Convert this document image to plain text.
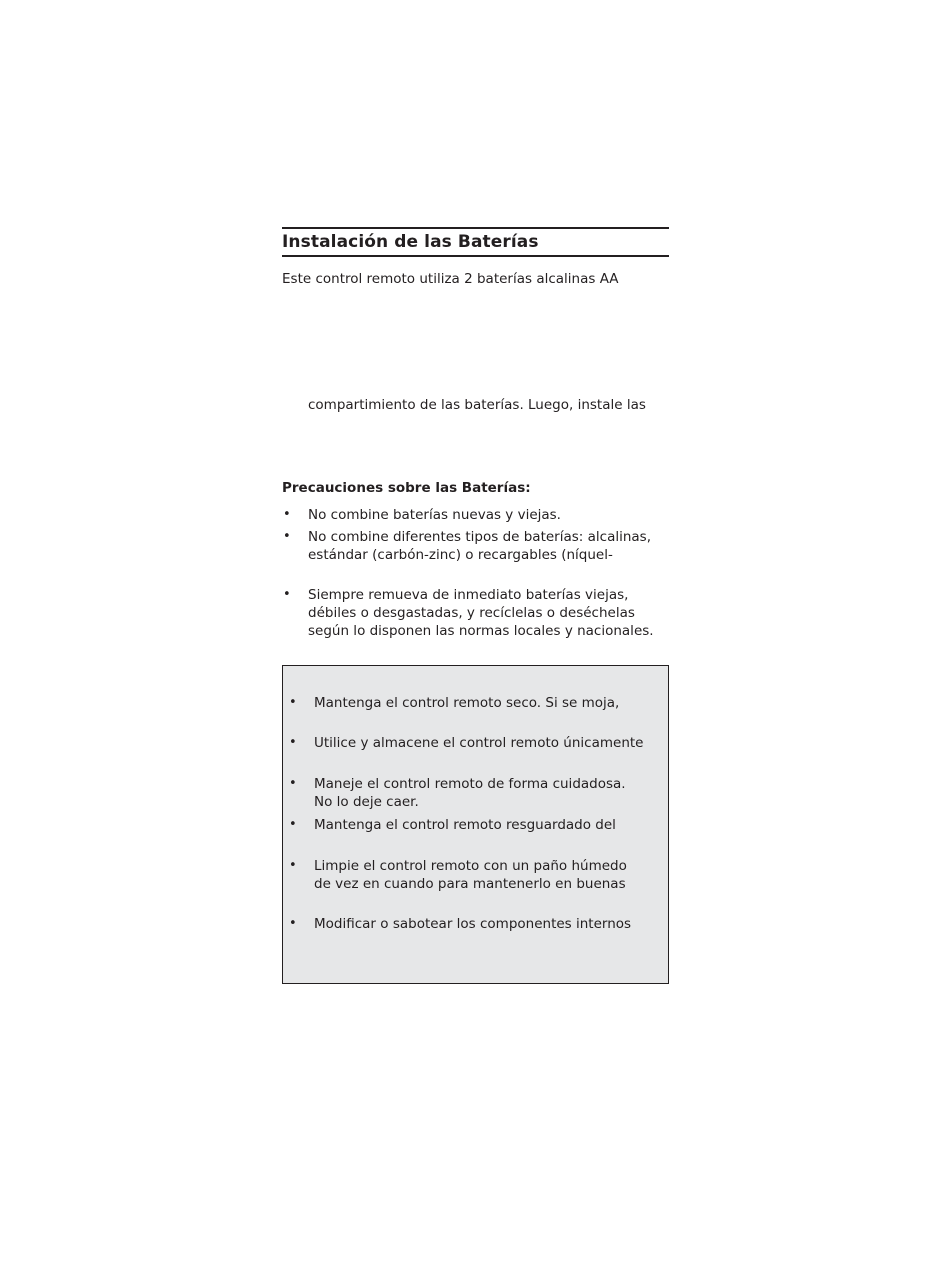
Instalación de las Baterías
Este control remoto utiliza 2 baterías alcalinas AA
compartimiento de las baterías. Luego, instale las
Precauciones sobre las Baterías:
• No combine baterías nuevas y viejas.
• No combine diferentes tipos de baterías: alcalinas,
estándar (carbón-zinc) o recargables (níquel-
• Siempre remueva de inmediato baterías viejas,
débiles o desgastadas, y recíclelas o deséchelas
según lo disponen las normas locales y nacionales.
• Mantenga el control remoto seco. Si se moja,
• Utilice y almacene el control remoto únicamente
• Maneje el control remoto de forma cuidadosa.
No lo deje caer.
• Mantenga el control remoto resguardado del
• Limpie el control remoto con un paño húmedo
de vez en cuando para mantenerlo en buenas
• Modificar o sabotear los componentes internos
